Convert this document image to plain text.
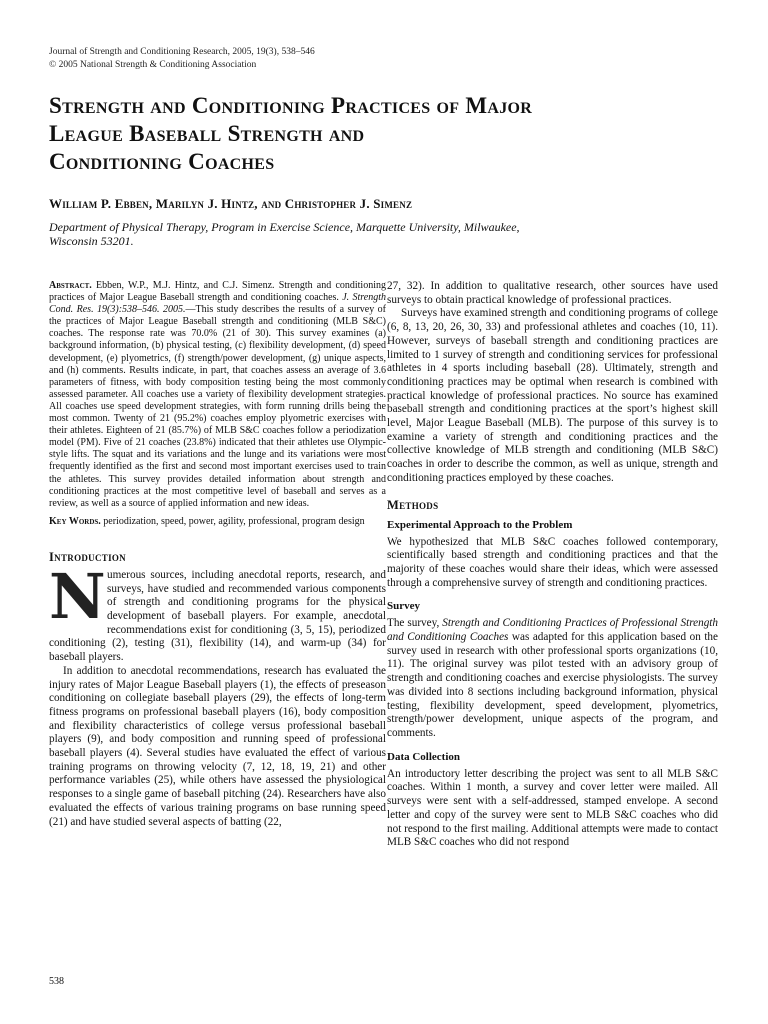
Journal of Strength and Conditioning Research, 2005, 19(3), 538–546
© 2005 National Strength & Conditioning Association
Strength and Conditioning Practices of Major
League Baseball Strength and
Conditioning Coaches
William P. Ebben, Marilyn J. Hintz, and Christopher J. Simenz
Department of Physical Therapy, Program in Exercise Science, Marquette University, Milwaukee,
Wisconsin 53201.

Abstract. Ebben, W.P., M.J. Hintz, and C.J. Simenz. Strength and conditioning practices of Major League Baseball strength and conditioning coaches. J. Strength Cond. Res. 19(3):538–546. 2005.—This study describes the results of a survey of the practices of Major League Baseball strength and conditioning (MLB S&C) coaches. The response rate was 70.0% (21 of 30). This survey examines (a) background information, (b) physical testing, (c) flexibility development, (d) speed development, (e) plyometrics, (f) strength/power development, (g) unique aspects, and (h) comments. Results indicate, in part, that coaches assess an average of 3.6 parameters of fitness, with body composition testing being the most commonly assessed parameter. All coaches use a variety of flexibility development strategies. All coaches use speed development strategies, with form running drills being the most common. Twenty of 21 (95.2%) coaches employ plyometric exercises with their athletes. Eighteen of 21 (85.7%) of MLB S&C coaches follow a periodization model (PM). Five of 21 coaches (23.8%) indicated that their athletes use Olympic-style lifts. The squat and its variations and the lunge and its variations were most frequently identified as the first and second most important exercises used to train the athletes. This survey provides detailed information about strength and conditioning practices at the most competitive level of baseball and serves as a review, as well as a source of applied information and new ideas.

Key Words. periodization, speed, power, agility, professional, program design

Introduction
N umerous sources, including anecdotal reports, research, and surveys, have studied and recommended various components of strength and conditioning programs for the physical development of baseball players. For example, anecdotal recommendations exist for conditioning (3, 5, 15), periodized conditioning (2), testing (31), flexibility (14), and warm-up (34) for baseball players.

In addition to anecdotal recommendations, research has evaluated the injury rates of Major League Baseball players (1), the effects of preseason conditioning on collegiate baseball players (29), the effects of long-term fitness programs on professional baseball players (16), body composition and flexibility characteristics of college versus professional baseball players (9), and body composition and running speed of professional baseball players (4). Several studies have evaluated the effect of various training programs on throwing velocity (7, 12, 18, 19, 21) and other performance variables (25), while others have assessed the physiological responses to a single game of baseball pitching (24). Researchers have also evaluated the effects of various training programs on base running speed (21) and have studied several aspects of batting (22,

27, 32). In addition to qualitative research, other sources have used surveys to obtain practical knowledge of professional practices.

Surveys have examined strength and conditioning programs of college (6, 8, 13, 20, 26, 30, 33) and professional athletes and coaches (10, 11). However, surveys of baseball strength and conditioning practices are limited to 1 survey of strength and conditioning services for professional athletes in 4 sports including baseball (28). Ultimately, strength and conditioning practices may be optimal when research is combined with practical knowledge of professional practices. No source has examined baseball strength and conditioning practices at the sport’s highest skill level, Major League Baseball (MLB). The purpose of this survey is to examine a variety of strength and conditioning practices and the collective knowledge of MLB strength and conditioning (MLB S&C) coaches in order to describe the common, as well as unique, strength and conditioning practices employed by these coaches.

Methods
Experimental Approach to the Problem

We hypothesized that MLB S&C coaches followed contemporary, scientifically based strength and conditioning practices and that the majority of these coaches would share their ideas, which were assessed through a comprehensive survey of strength and conditioning practices.

Survey

The survey, Strength and Conditioning Practices of Professional Strength and Conditioning Coaches was adapted for this application based on the survey used in research with other professional sports organizations (10, 11). The original survey was pilot tested with an advisory group of strength and conditioning coaches and exercise physiologists. The survey was divided into 8 sections including background information, physical testing, flexibility development, speed development, plyometrics, strength/power development, unique aspects of the program, and comments.

Data Collection

An introductory letter describing the project was sent to all MLB S&C coaches. Within 1 month, a survey and cover letter were mailed. All surveys were sent with a self-addressed, stamped envelope. A second letter and copy of the survey were sent to MLB S&C coaches who did not respond to the first mailing. Additional attempts were made to contact MLB S&C coaches who did not respond

538
